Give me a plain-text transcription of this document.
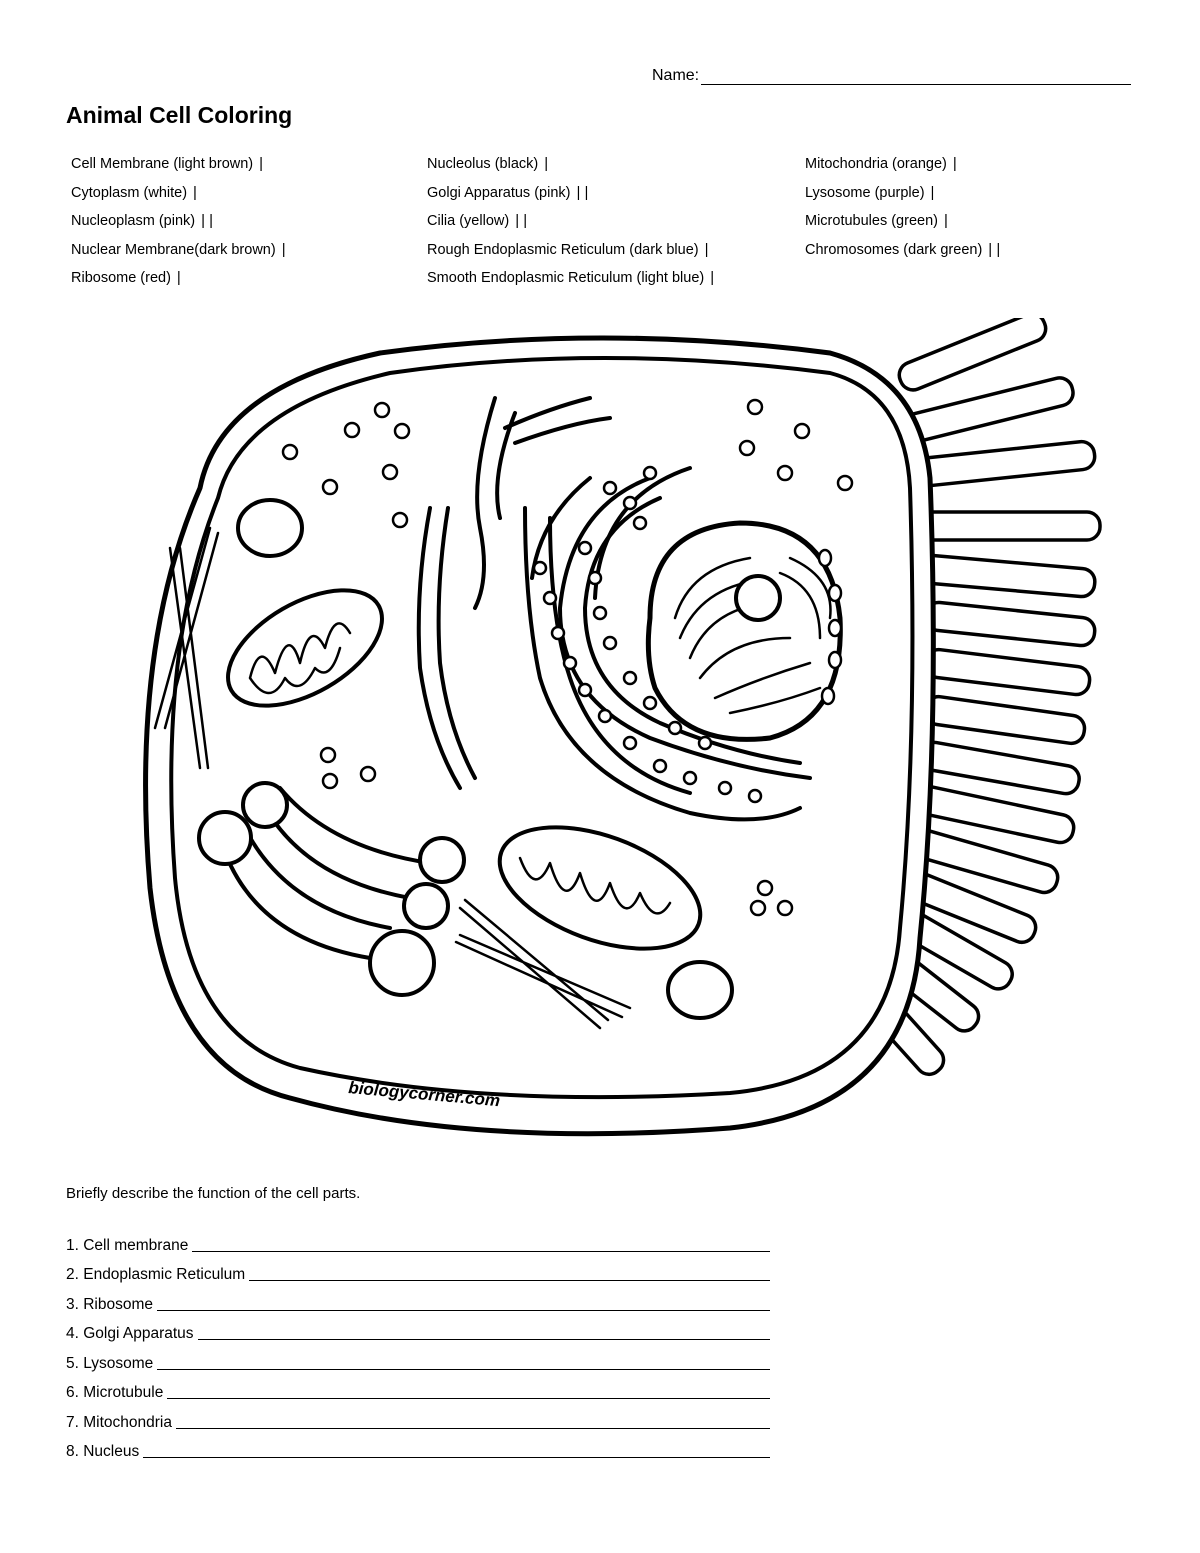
Name:
Animal Cell Coloring
Cell Membrane (light brown) |
Cytoplasm (white) |
Nucleoplasm (pink) | |
Nuclear Membrane(dark brown) |
Ribosome (red) |
Nucleolus (black) |
Golgi Apparatus (pink) | |
Cilia (yellow) | |
Rough Endoplasmic Reticulum (dark blue) |
Smooth Endoplasmic Reticulum (light blue) |
Mitochondria (orange) |
Lysosome (purple) |
Microtubules (green) |
Chromosomes (dark green) | |
biologycorner.com
Briefly describe the function of the cell parts.
1. Cell membrane
2. Endoplasmic Reticulum
3. Ribosome
4. Golgi Apparatus
5. Lysosome
6. Microtubule
7. Mitochondria
8. Nucleus
